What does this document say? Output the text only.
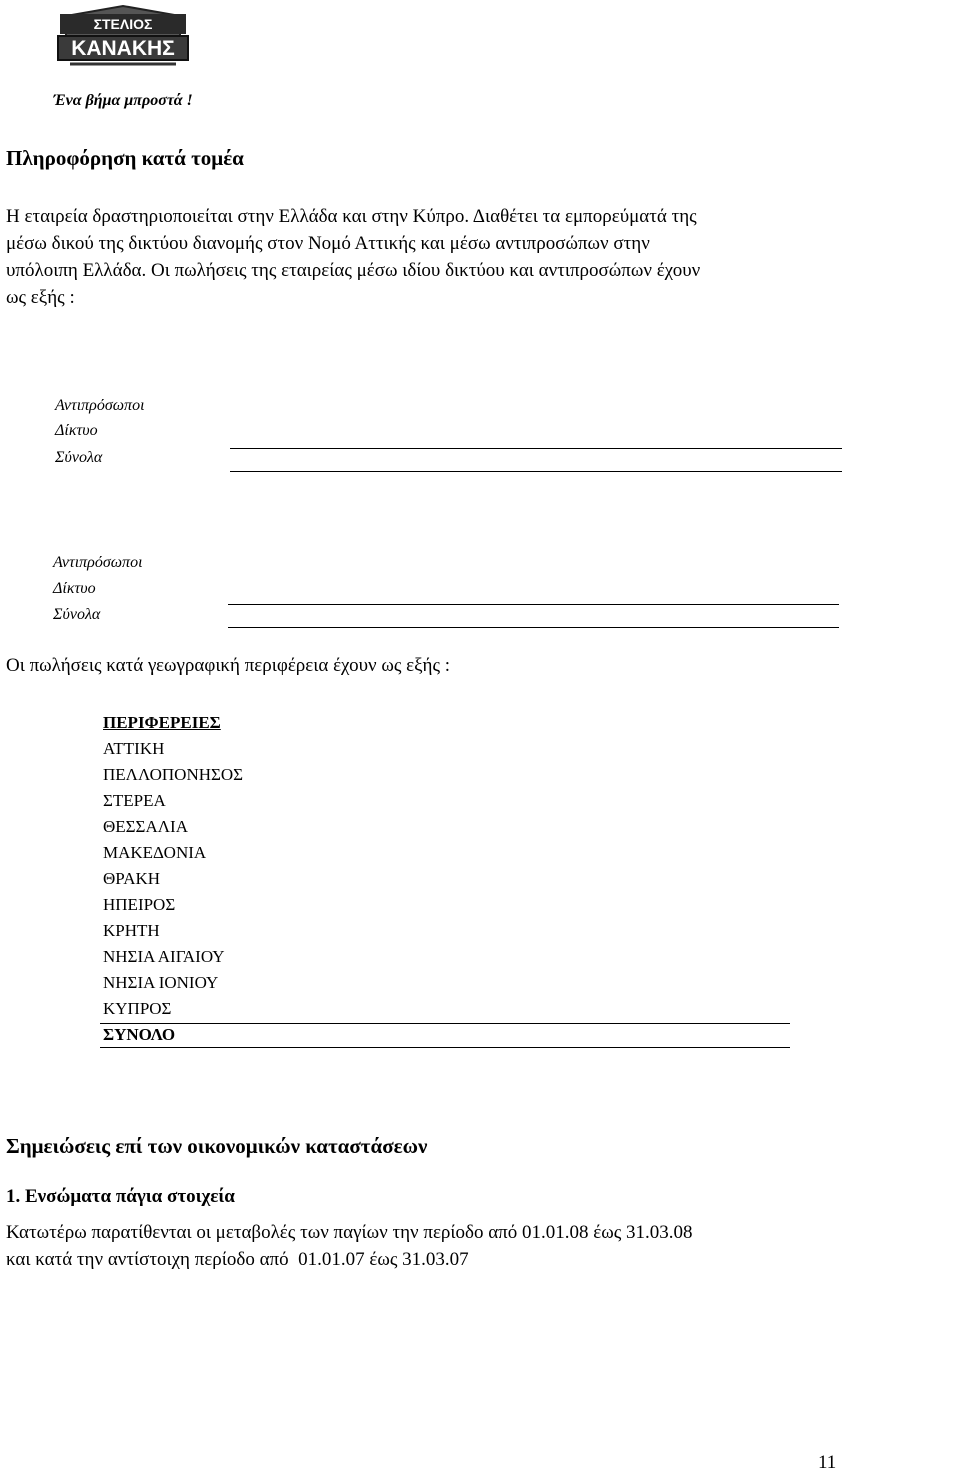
ΣΤΕΛΙΟΣ
ΚΑΝΑΚΗΣ
Ένα βήμα μπροστά !
Πληροφόρηση κατά τομέα
Η εταιρεία δραστηριοποιείται στην Ελλάδα και στην Κύπρο. Διαθέτει τα εμπορεύματά της
μέσω δικού της δικτύου διανομής στον Νομό Αττικής και μέσω αντιπροσώπων στην
υπόλοιπη Ελλάδα. Οι πωλήσεις της εταιρείας μέσω ιδίου δικτύου και αντιπροσώπων έχουν
ως εξής :
Αντιπρόσωποι
Δίκτυο
Σύνολα
Αντιπρόσωποι
Δίκτυο
Σύνολα
Οι πωλήσεις κατά γεωγραφική περιφέρεια έχουν ως εξής :
ΠΕΡΙΦΕΡΕΙΕΣ
ΑΤΤΙΚΗ
ΠΕΛΛΟΠΟΝΗΣΟΣ
ΣΤΕΡΕΑ
ΘΕΣΣΑΛΙΑ
ΜΑΚΕΔΟΝΙΑ
ΘΡΑΚΗ
ΗΠΕΙΡΟΣ
ΚΡΗΤΗ
ΝΗΣΙΑ ΑΙΓΑΙΟΥ
ΝΗΣΙΑ ΙΟΝΙΟΥ
ΚΥΠΡΟΣ
ΣΥΝΟΛΟ
Σημειώσεις επί των οικονομικών καταστάσεων
1. Ενσώματα πάγια στοιχεία
Κατωτέρω παρατίθενται οι μεταβολές των παγίων την περίοδο από 01.01.08 έως 31.03.08
και κατά την αντίστοιχη περίοδο από  01.01.07 έως 31.03.07
11
